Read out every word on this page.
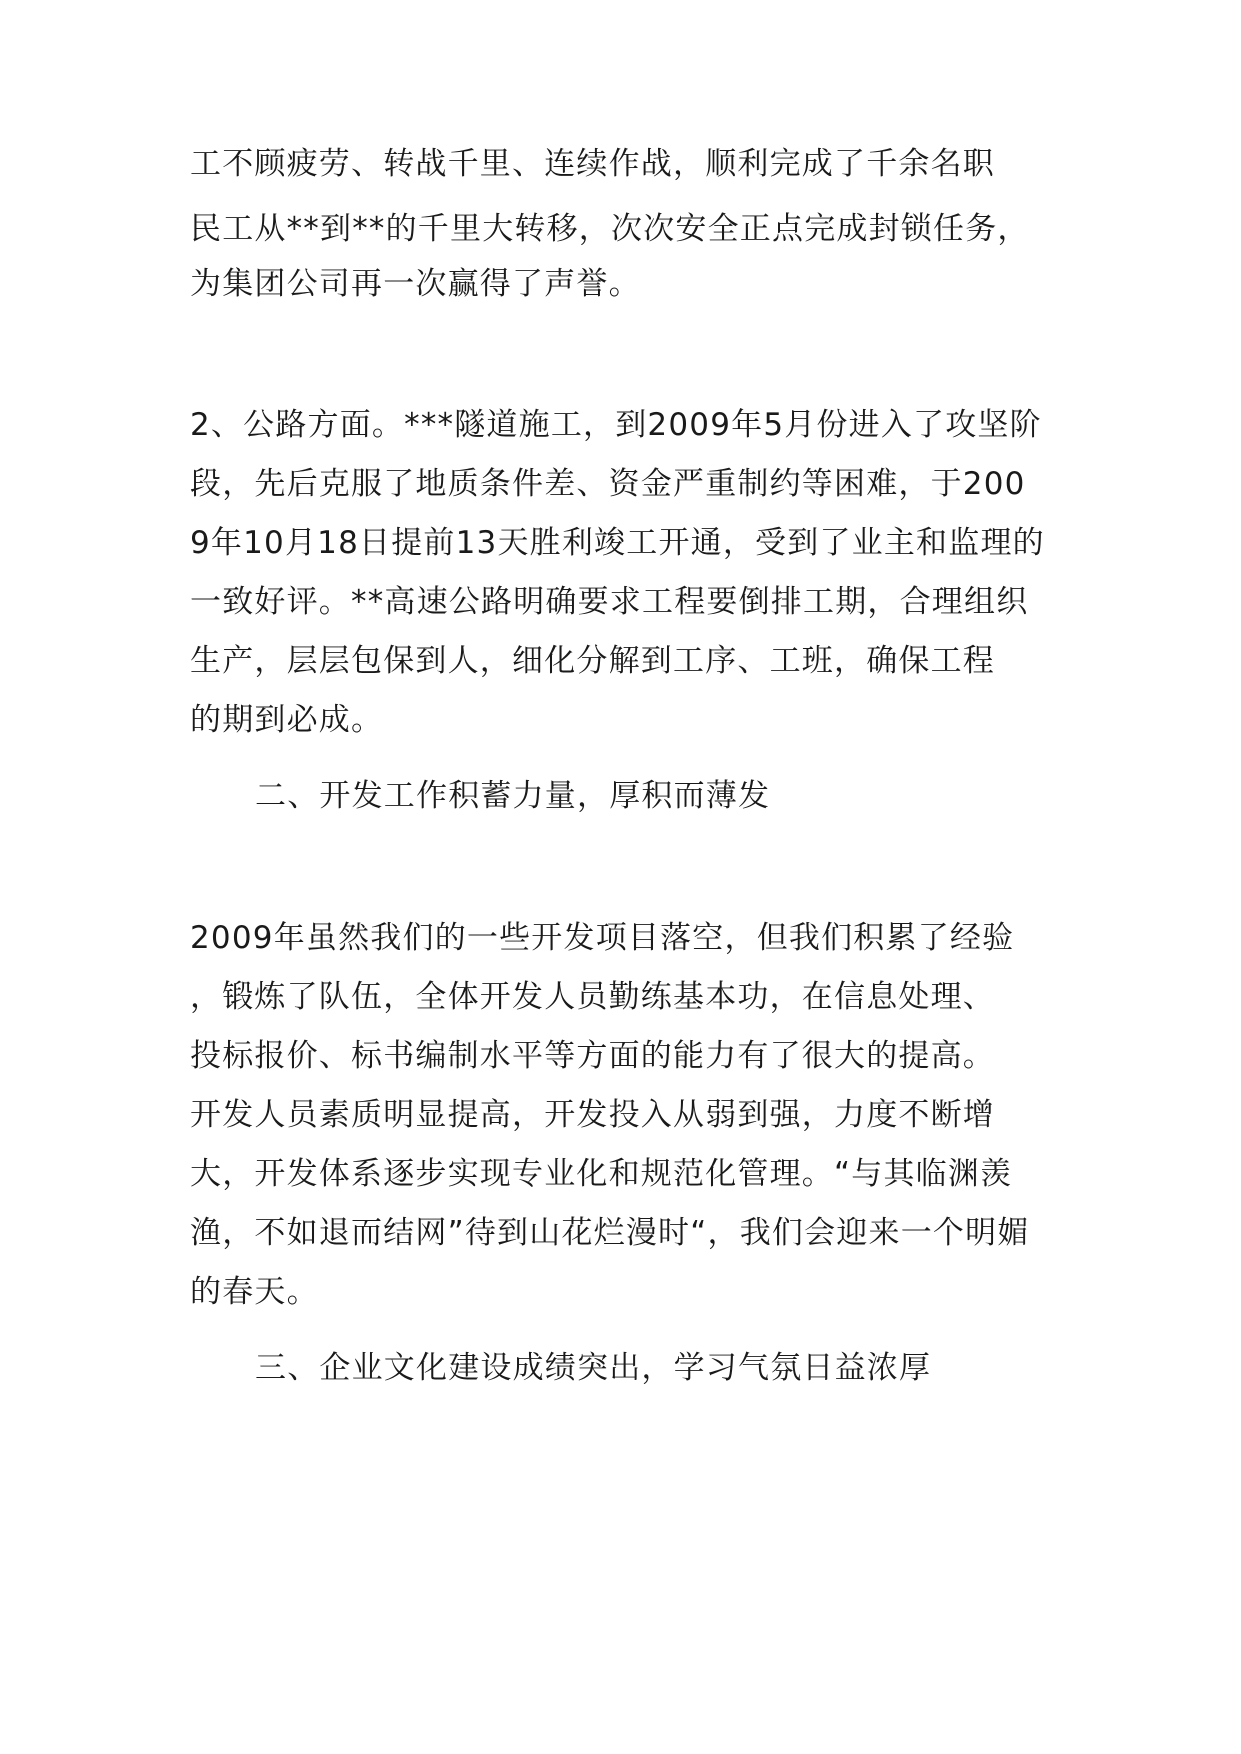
工不顾疲劳、转战千里、连续作战，顺利完成了千余名职
民工从**到**的千里大转移，次次安全正点完成封锁任务，
为集团公司再一次赢得了声誉。
2、公路方面。***隧道施工，到2009年5月份进入了攻坚阶
段，先后克服了地质条件差、资金严重制约等困难，于200
9年10月18日提前13天胜利竣工开通，受到了业主和监理的
一致好评。**高速公路明确要求工程要倒排工期，合理组织
生产，层层包保到人，细化分解到工序、工班，确保工程
的期到必成。
二、开发工作积蓄力量，厚积而薄发
2009年虽然我们的一些开发项目落空，但我们积累了经验
，锻炼了队伍，全体开发人员勤练基本功，在信息处理、
投标报价、标书编制水平等方面的能力有了很大的提高。
开发人员素质明显提高，开发投入从弱到强，力度不断增
大，开发体系逐步实现专业化和规范化管理。“与其临渊羡
渔，不如退而结网”待到山花烂漫时“，我们会迎来一个明媚
的春天。
三、企业文化建设成绩突出，学习气氛日益浓厚
